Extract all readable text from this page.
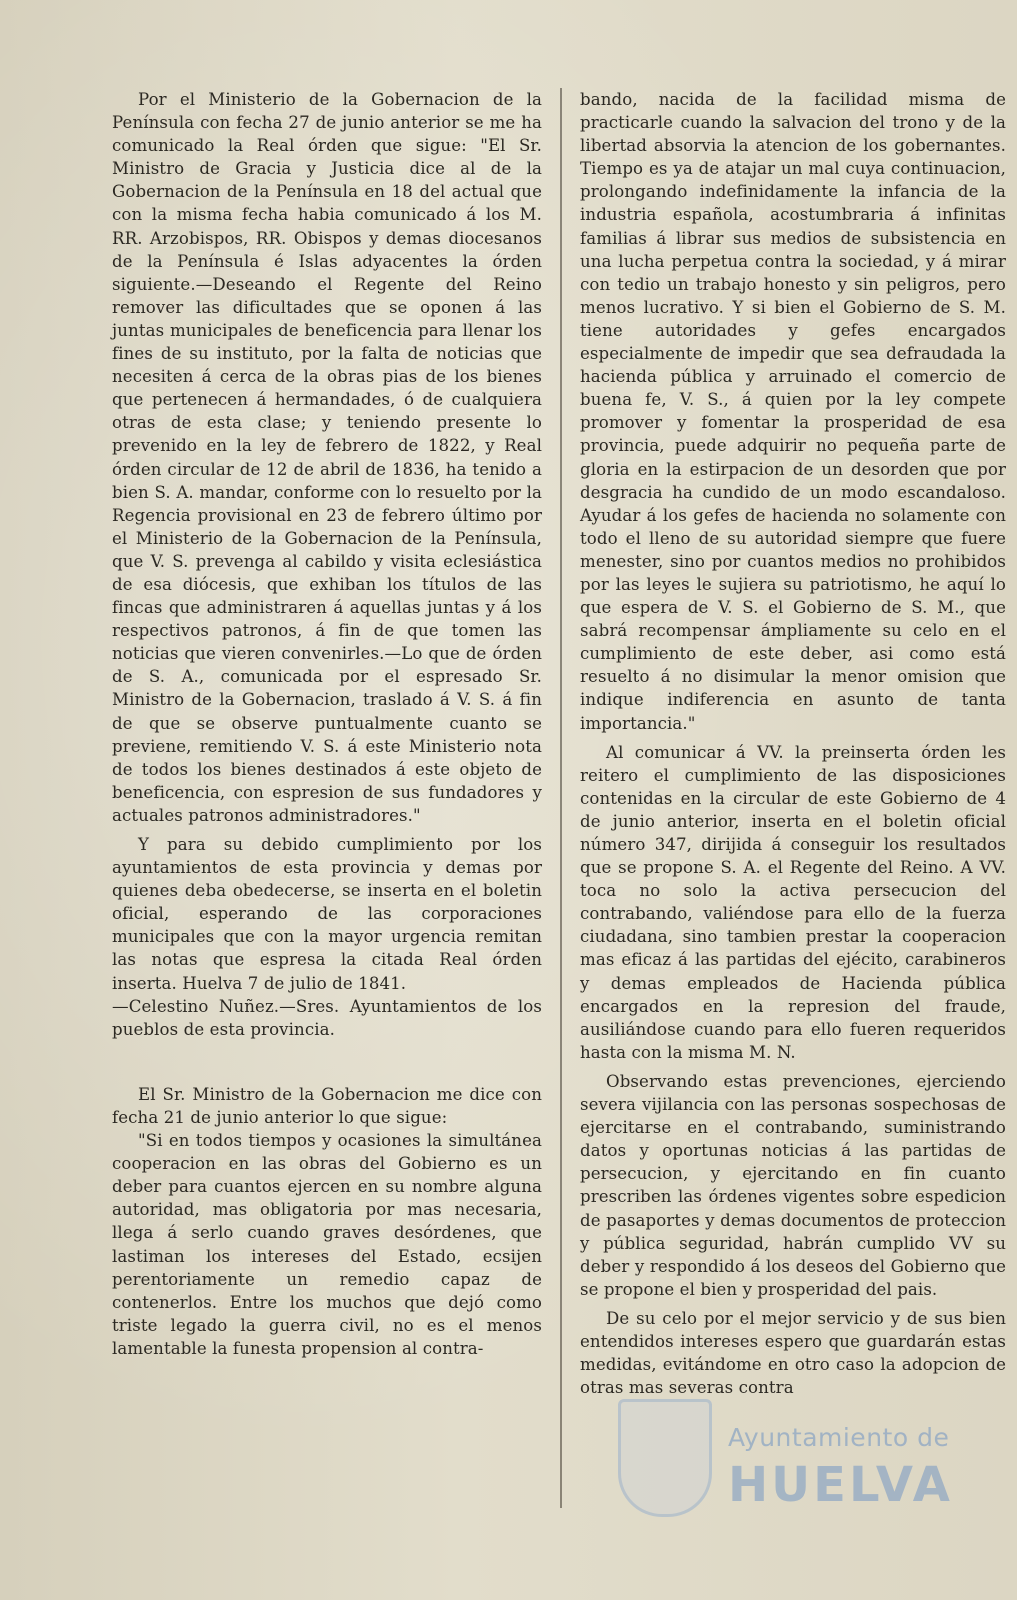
Por el Ministerio de la Gobernacion de la Península con fecha 27 de junio anterior se me ha comunicado la Real órden que sigue: "El Sr. Ministro de Gracia y Justicia dice al de la Gobernacion de la Península en 18 del actual que con la misma fecha habia comunicado á los M. RR. Arzobispos, RR. Obispos y demas diocesanos de la Península é Islas adyacentes la órden siguiente.—Deseando el Regente del Reino remover las dificultades que se oponen á las juntas municipales de beneficencia para llenar los fines de su instituto, por la falta de noticias que necesiten á cerca de la obras pias de los bienes que pertenecen á hermandades, ó de cualquiera otras de esta clase; y teniendo presente lo prevenido en la ley de febrero de 1822, y Real órden circular de 12 de abril de 1836, ha tenido a bien S. A. mandar, conforme con lo resuelto por la Regencia provisional en 23 de febrero último por el Ministerio de la Gobernacion de la Península, que V. S. prevenga al cabildo y visita eclesiástica de esa diócesis, que exhiban los títulos de las fincas que administraren á aquellas juntas y á los respectivos patronos, á fin de que tomen las noticias que vieren convenirles.—Lo que de órden de S. A., comunicada por el espresado Sr. Ministro de la Gobernacion, traslado á V. S. á fin de que se observe puntualmente cuanto se previene, remitiendo V. S. á este Ministerio nota de todos los bienes destinados á este objeto de beneficencia, con espresion de sus fundadores y actuales patronos administradores."

Y para su debido cumplimiento por los ayuntamientos de esta provincia y demas por quienes deba obedecerse, se inserta en el boletin oficial, esperando de las corporaciones municipales que con la mayor urgencia remitan las notas que espresa la citada Real órden inserta. Huelva 7 de julio de 1841.

—Celestino Nuñez.—Sres. Ayuntamientos de los pueblos de esta provincia.

El Sr. Ministro de la Gobernacion me dice con fecha 21 de junio anterior lo que sigue:

"Si en todos tiempos y ocasiones la simultánea cooperacion en las obras del Gobierno es un deber para cuantos ejercen en su nombre alguna autoridad, mas obligatoria por mas necesaria, llega á serlo cuando graves desórdenes, que lastiman los intereses del Estado, ecsijen perentoriamente un remedio capaz de contenerlos. Entre los muchos que dejó como triste legado la guerra civil, no es el menos lamentable la funesta propension al contra-

bando, nacida de la facilidad misma de practicarle cuando la salvacion del trono y de la libertad absorvia la atencion de los gobernantes. Tiempo es ya de atajar un mal cuya continuacion, prolongando indefinidamente la infancia de la industria española, acostumbraria á infinitas familias á librar sus medios de subsistencia en una lucha perpetua contra la sociedad, y á mirar con tedio un trabajo honesto y sin peligros, pero menos lucrativo. Y si bien el Gobierno de S. M. tiene autoridades y gefes encargados especialmente de impedir que sea defraudada la hacienda pública y arruinado el comercio de buena fe, V. S., á quien por la ley compete promover y fomentar la prosperidad de esa provincia, puede adquirir no pequeña parte de gloria en la estirpacion de un desorden que por desgracia ha cundido de un modo escandaloso. Ayudar á los gefes de hacienda no solamente con todo el lleno de su autoridad siempre que fuere menester, sino por cuantos medios no prohibidos por las leyes le sujiera su patriotismo, he aquí lo que espera de V. S. el Gobierno de S. M., que sabrá recompensar ámpliamente su celo en el cumplimiento de este deber, asi como está resuelto á no disimular la menor omision que indique indiferencia en asunto de tanta importancia."

Al comunicar á VV. la preinserta órden les reitero el cumplimiento de las disposiciones contenidas en la circular de este Gobierno de 4 de junio anterior, inserta en el boletin oficial número 347, dirijida á conseguir los resultados que se propone S. A. el Regente del Reino. A VV. toca no solo la activa persecucion del contrabando, valiéndose para ello de la fuerza ciudadana, sino tambien prestar la cooperacion mas eficaz á las partidas del ejécito, carabineros y demas empleados de Hacienda pública encargados en la represion del fraude, ausiliándose cuando para ello fueren requeridos hasta con la misma M. N.

Observando estas prevenciones, ejerciendo severa vijilancia con las personas sospechosas de ejercitarse en el contrabando, suministrando datos y oportunas noticias á las partidas de persecucion, y ejercitando en fin cuanto prescriben las órdenes vigentes sobre espedicion de pasaportes y demas documentos de proteccion y pública seguridad, habrán cumplido VV su deber y respondido á los deseos del Gobierno que se propone el bien y prosperidad del pais.

De su celo por el mejor servicio y de sus bien entendidos intereses espero que guardarán estas medidas, evitándome en otro caso la adopcion de otras mas severas contra

Ayuntamiento de
HUELVA
